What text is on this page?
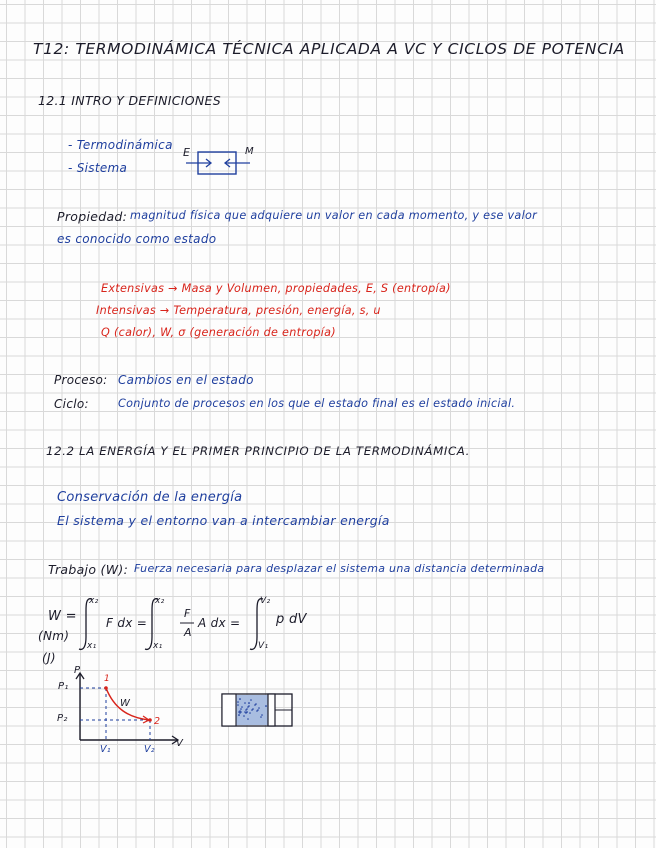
T12: TERMODINÁMICA TÉCNICA APLICADA A VC Y CICLOS DE POTENCIA
12.1 INTRO Y DEFINICIONES
- Termodinámica
- Sistema
E	M
Propiedad: magnitud física que adquiere un valor en cada momento, y ese valor
es conocido como estado
Extensivas → Masa y Volumen, propiedades, E, S (entropía)
Intensivas → Temperatura, presión, energía, s, u
Q (calor), W, σ (generación de entropía)
Proceso: Cambios en el estado
Ciclo:	Conjunto de procesos en los que el estado final es el estado inicial.
12.2 LA ENERGÍA Y EL PRIMER PRINCIPIO DE LA TERMODINÁMICA.
Conservación de la energía
El sistema y el entorno van a intercambiar energía
Trabajo (W): Fuerza necesaria para desplazar el sistema una distancia determinada
W =
(Nm)
(J)
x₂
x₁
F dx =
x₂
x₁
F
A
A dx =
V₂
V₁
p dV
P
V
P₁
P₂
V₁	V₂
1
2
W
